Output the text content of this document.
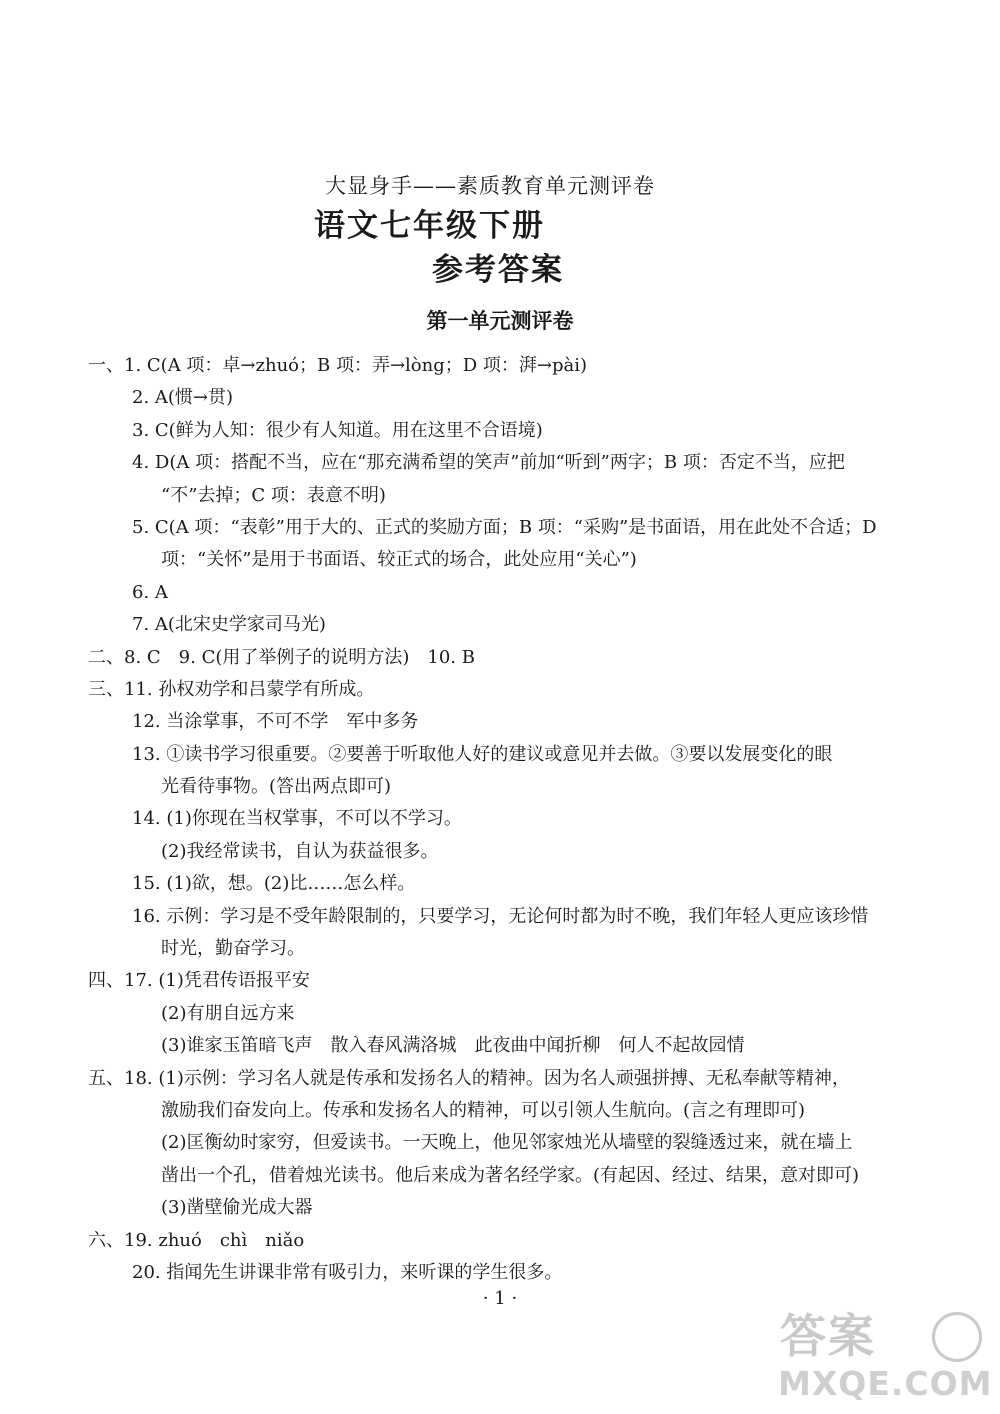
大显身手——素质教育单元测评卷
语文七年级下册
参考答案
第一单元测评卷
一、1. C(A 项：卓→zhuó；B 项：弄→lòng；D 项：湃→pài)
2. A(惯→贯)
3. C(鲜为人知：很少有人知道。用在这里不合语境)
4. D(A 项：搭配不当，应在“那充满希望的笑声”前加“听到”两字；B 项：否定不当，应把
“不”去掉；C 项：表意不明)
5. C(A 项：“表彰”用于大的、正式的奖励方面；B 项：“采购”是书面语，用在此处不合适；D
项：“关怀”是用于书面语、较正式的场合，此处应用“关心”)
6. A
7. A(北宋史学家司马光)
二、8. C　9. C(用了举例子的说明方法)　10. B
三、11. 孙权劝学和吕蒙学有所成。
12. 当涂掌事，不可不学　军中多务
13. ①读书学习很重要。②要善于听取他人好的建议或意见并去做。③要以发展变化的眼
光看待事物。(答出两点即可)
14. (1)你现在当权掌事，不可以不学习。
(2)我经常读书，自认为获益很多。
15. (1)欲，想。(2)比……怎么样。
16. 示例：学习是不受年龄限制的，只要学习，无论何时都为时不晚，我们年轻人更应该珍惜
时光，勤奋学习。
四、17. (1)凭君传语报平安
(2)有朋自远方来
(3)谁家玉笛暗飞声　散入春风满洛城　此夜曲中闻折柳　何人不起故园情
五、18. (1)示例：学习名人就是传承和发扬名人的精神。因为名人顽强拼搏、无私奉献等精神，
激励我们奋发向上。传承和发扬名人的精神，可以引领人生航向。(言之有理即可)
(2)匡衡幼时家穷，但爱读书。一天晚上，他见邻家烛光从墙壁的裂缝透过来，就在墙上
凿出一个孔，借着烛光读书。他后来成为著名经学家。(有起因、经过、结果，意对即可)
(3)凿壁偷光成大器
六、19. zhuó　chì　niǎo
20. 指闻先生讲课非常有吸引力，来听课的学生很多。
· 1 ·
答案
MXQE.COM
